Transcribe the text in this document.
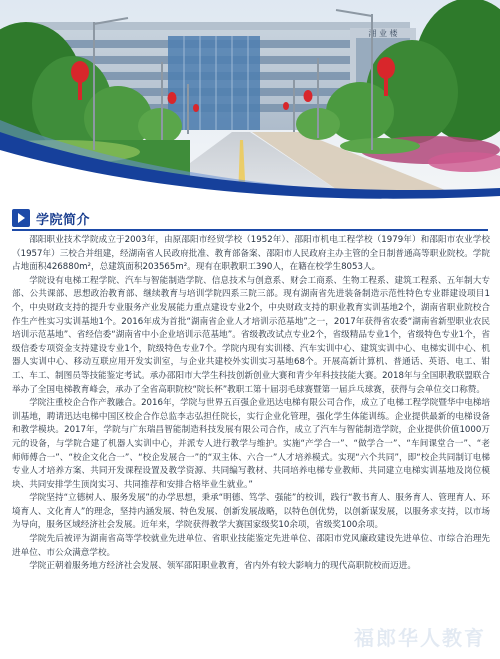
湘 业 楼
学院简介

邵阳职业技术学院成立于2003年，由原邵阳市经贸学校（1952年）、邵阳市机电工程学校（1979年）和邵阳市农业学校（1957年）三校合并组建，经湖南省人民政府批准、教育部备案、邵阳市人民政府主办主管的全日制普通高等职业院校。学院占地面积426880m²，总建筑面积203565m²。现有在职教职工390人，在籍在校学生8053人。

学院设有电梯工程学院、汽车与智能制造学院、信息技术与创意系、财会工商系、生物工程系、建筑工程系、五年制大专部、公共课部、思想政治教育部、继续教育与培训学院四系三院三部。现有湖南省先进装备制造示范性特色专业群建设项目1个，中央财政支持的提升专业服务产业发展能力重点建设专业2个，中央财政支持的职业教育实训基地2个，湖南省职业院校合作生产性实习实训基地1个。2016年成为首批“湖南省企业人才培训示范基地”之一，2017年获得省农委“湖南省新型职业农民培训示范基地”、省经信委“湖南省中小企业培训示范基地”。省级教改试点专业2个，省级精品专业1个，省级特色专业1个，省级信委专项资金支持建设专业1个，院级特色专业7个。学院内现有实训楼、汽车实训中心、建筑实训中心、电梯实训中心、机器人实训中心、移动互联应用开发实训室，与企业共建校外实训实习基地68个。开展高新计算机、普通话、英语、电工、钳工、车工、制图员等技能鉴定考试。承办邵阳市大学生科技创新创业大赛和青少年科技技能大赛。2018年与全国职教联盟联合举办了全国电梯教育峰会，承办了全省高职院校“院长杯”教职工第十届羽毛球赛暨第一届乒乓球赛，获得与会单位交口称赞。

学院注重校企合作产教融合。2016年，学院与世界五百强企业迅达电梯有限公司合作，成立了电梯工程学院暨华中电梯培训基地，聘请迅达电梯中国区校企合作总监李志弘担任院长，实行企业化管理，强化学生体能训练。企业提供最新的电梯设备和教学模块。2017年，学院与广东瑞昌智能制造科技发展有限公司合作，成立了汽车与智能制造学院，企业提供价值1000万元的设备，与学院合建了机器人实训中心，并派专人进行教学与维护。实施“产学合一”、“做学合一”、“车间课堂合一”、“老师师傅合一”、“校企文化合一”、“校企发展合一”的“双主体、六合一”人才培养模式。实现“六个共同”，即“校企共同制订电梯专业人才培养方案、共同开发课程设置及教学资源、共同编写教材、共同培养电梯专业教师、共同建立电梯实训基地及岗位模块、共同安排学生顶岗实习、共同推荐和安排合格毕业生就业。”

学院坚持“立德树人、服务发展”的办学思想，秉承“明德、笃学、强能”的校训，践行“教书育人、服务育人、管理育人、环境育人、文化育人”的理念，坚持内涵发展、特色发展、创新发展战略，以特色创优势，以创新谋发展，以服务求支持，以市场为导向，服务区域经济社会发展。近年来，学院获得教学大赛国家级奖10余项，省级奖100余项。

学院先后被评为湖南省高等学校就业先进单位、省职业技能鉴定先进单位、邵阳市党风廉政建设先进单位、市综合治理先进单位、市公众满意学校。

学院正朝着服务地方经济社会发展、领军邵阳职业教育，省内外有较大影响力的现代高职院校而迈进。

福郎华人教育
